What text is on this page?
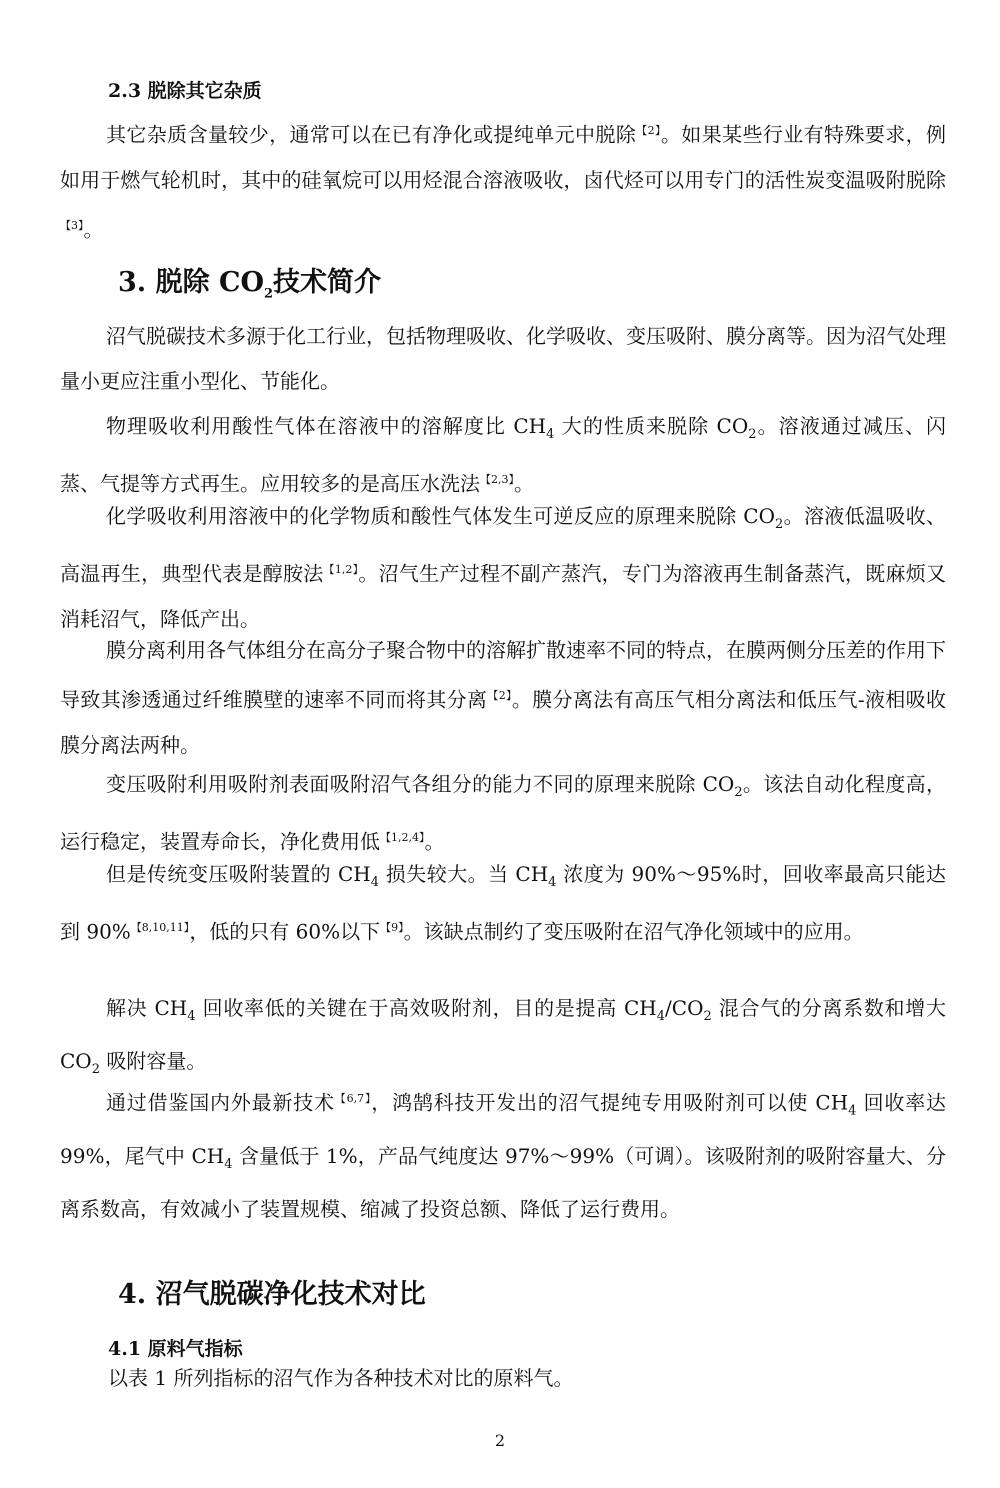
2.3 脱除其它杂质

其它杂质含量较少，通常可以在已有净化或提纯单元中脱除$^{【2】}$。如果某些行业有特殊要求，例如用于燃气轮机时，其中的硅氧烷可以用烃混合溶液吸收，卤代烃可以用专门的活性炭变温吸附脱除$^{【3】}$。

3. 脱除 $CO_2$技术简介

沼气脱碳技术多源于化工行业，包括物理吸收、化学吸收、变压吸附、膜分离等。因为沼气处理量小更应注重小型化、节能化。

物理吸收利用酸性气体在溶液中的溶解度比 $CH_4$ 大的性质来脱除 $CO_2$。溶液通过减压、闪蒸、气提等方式再生。应用较多的是高压水洗法$^{【2,3】}$。

化学吸收利用溶液中的化学物质和酸性气体发生可逆反应的原理来脱除 $CO_2$。溶液低温吸收、高温再生，典型代表是醇胺法$^{【1,2】}$。沼气生产过程不副产蒸汽，专门为溶液再生制备蒸汽，既麻烦又消耗沼气，降低产出。

膜分离利用各气体组分在高分子聚合物中的溶解扩散速率不同的特点，在膜两侧分压差的作用下导致其渗透通过纤维膜壁的速率不同而将其分离$^{【2】}$。膜分离法有高压气相分离法和低压气-液相吸收膜分离法两种。

变压吸附利用吸附剂表面吸附沼气各组分的能力不同的原理来脱除 $CO_2$。该法自动化程度高，运行稳定，装置寿命长，净化费用低$^{【1,2,4】}$。

但是传统变压吸附装置的 $CH_4$ 损失较大。当 $CH_4$ 浓度为 90%～95%时，回收率最高只能达到 90%$^{【8,10,11】}$，低的只有 60%以下$^{【9】}$。该缺点制约了变压吸附在沼气净化领域中的应用。

解决 $CH_4$ 回收率低的关键在于高效吸附剂，目的是提高 $CH_4/CO_2$ 混合气的分离系数和增大 $CO_2$ 吸附容量。

通过借鉴国内外最新技术$^{【6,7】}$，鸿鹄科技开发出的沼气提纯专用吸附剂可以使 $CH_4$ 回收率达 99%，尾气中 $CH_4$ 含量低于 1%，产品气纯度达 97%～99%（可调）。该吸附剂的吸附容量大、分离系数高，有效减小了装置规模、缩减了投资总额、降低了运行费用。

4. 沼气脱碳净化技术对比
4.1 原料气指标

以表 1 所列指标的沼气作为各种技术对比的原料气。

2
